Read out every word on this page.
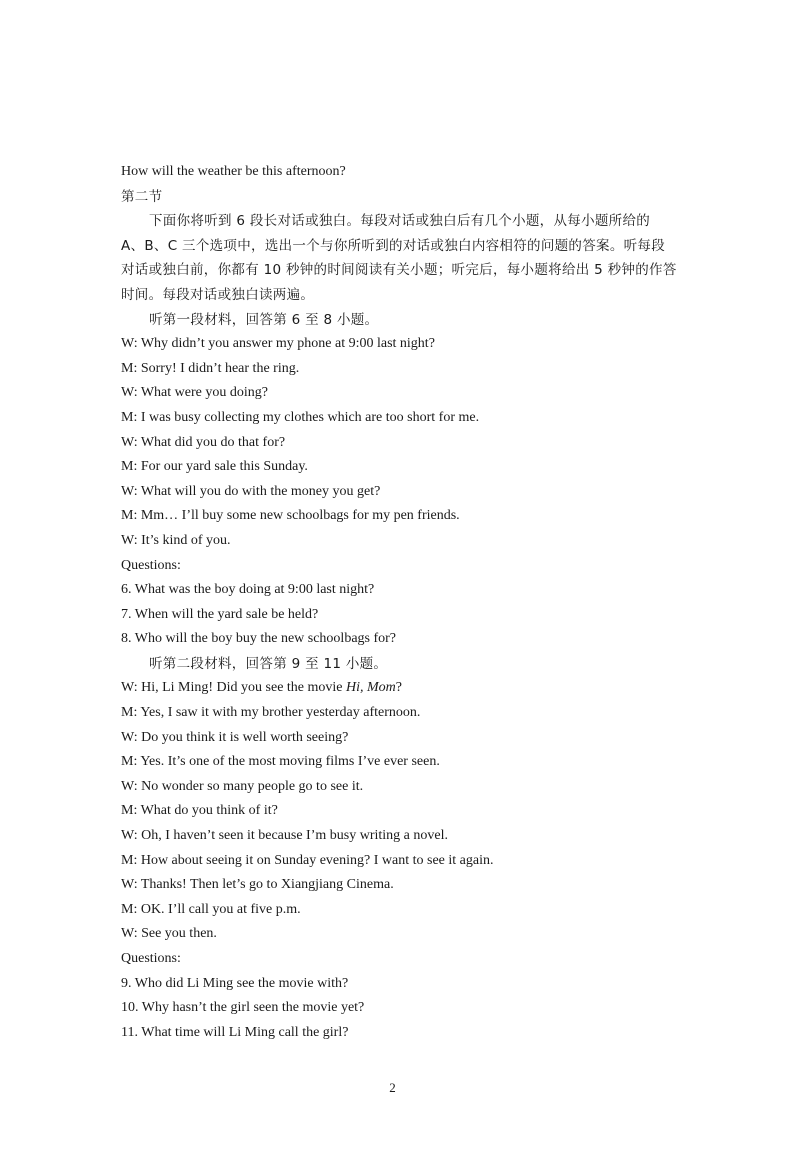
How will the weather be this afternoon?
第二节
下面你将听到 6 段长对话或独白。每段对话或独白后有几个小题，从每小题所给的
A、B、C 三个选项中，选出一个与你所听到的对话或独白内容相符的问题的答案。听每段
对话或独白前，你都有 10 秒钟的时间阅读有关小题；听完后，每小题将给出 5 秒钟的作答
时间。每段对话或独白读两遍。
听第一段材料，回答第 6 至 8 小题。
W: Why didn’t you answer my phone at 9:00 last night?
M: Sorry! I didn’t hear the ring.
W: What were you doing?
M: I was busy collecting my clothes which are too short for me.
W: What did you do that for?
M: For our yard sale this Sunday.
W: What will you do with the money you get?
M: Mm… I’ll buy some new schoolbags for my pen friends.
W: It’s kind of you.
Questions:
6. What was the boy doing at 9:00 last night?
7. When will the yard sale be held?
8. Who will the boy buy the new schoolbags for?
听第二段材料，回答第 9 至 11 小题。
W: Hi, Li Ming! Did you see the movie Hi, Mom?
M: Yes, I saw it with my brother yesterday afternoon.
W: Do you think it is well worth seeing?
M: Yes. It’s one of the most moving films I’ve ever seen.
W: No wonder so many people go to see it.
M: What do you think of it?
W: Oh, I haven’t seen it because I’m busy writing a novel.
M: How about seeing it on Sunday evening? I want to see it again.
W: Thanks! Then let’s go to Xiangjiang Cinema.
M: OK. I’ll call you at five p.m.
W: See you then.
Questions:
9. Who did Li Ming see the movie with?
10. Why hasn’t the girl seen the movie yet?
11. What time will Li Ming call the girl?
2
